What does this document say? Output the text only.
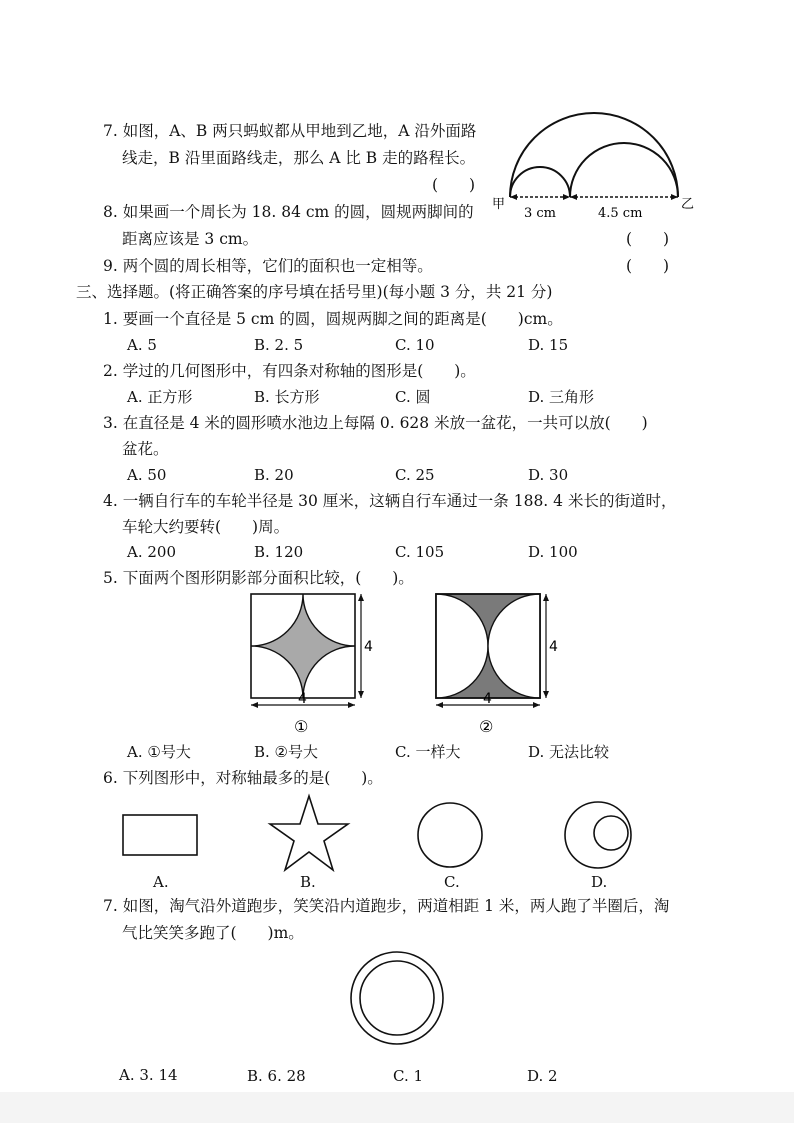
7. 如图，A、B 两只蚂蚁都从甲地到乙地，A 沿外面路
线走，B 沿里面路线走，那么 A 比 B 走的路程长。
(　　)
甲	乙
3 cm	4.5 cm
8. 如果画一个周长为 18. 84 cm 的圆，圆规两脚间的
距离应该是 3 cm。	(　　)
9. 两个圆的周长相等，它们的面积也一定相等。	(　　)
三、选择题。(将正确答案的序号填在括号里)(每小题 3 分，共 21 分)
1. 要画一个直径是 5 cm 的圆，圆规两脚之间的距离是(　　)cm。
A. 5	B. 2. 5	C. 10	D. 15
2. 学过的几何图形中，有四条对称轴的图形是(　　)。
A. 正方形	B. 长方形	C. 圆	D. 三角形
3. 在直径是 4 米的圆形喷水池边上每隔 0. 628 米放一盆花，一共可以放(　　)
盆花。
A. 50	B. 20	C. 25	D. 30
4. 一辆自行车的车轮半径是 30 厘米，这辆自行车通过一条 188. 4 米长的街道时，
车轮大约要转(　　)周。
A. 200	B. 120	C. 105	D. 100
5. 下面两个图形阴影部分面积比较，(　　)。
4
4
①
4
4
②
A. ①号大	B. ②号大	C. 一样大	D. 无法比较
6. 下列图形中，对称轴最多的是(　　)。
A.	B.	C.	D.
7. 如图，淘气沿外道跑步，笑笑沿内道跑步，两道相距 1 米，两人跑了半圈后，淘
气比笑笑多跑了(　　)m。
A. 3. 14	B. 6. 28	C. 1	D. 2
